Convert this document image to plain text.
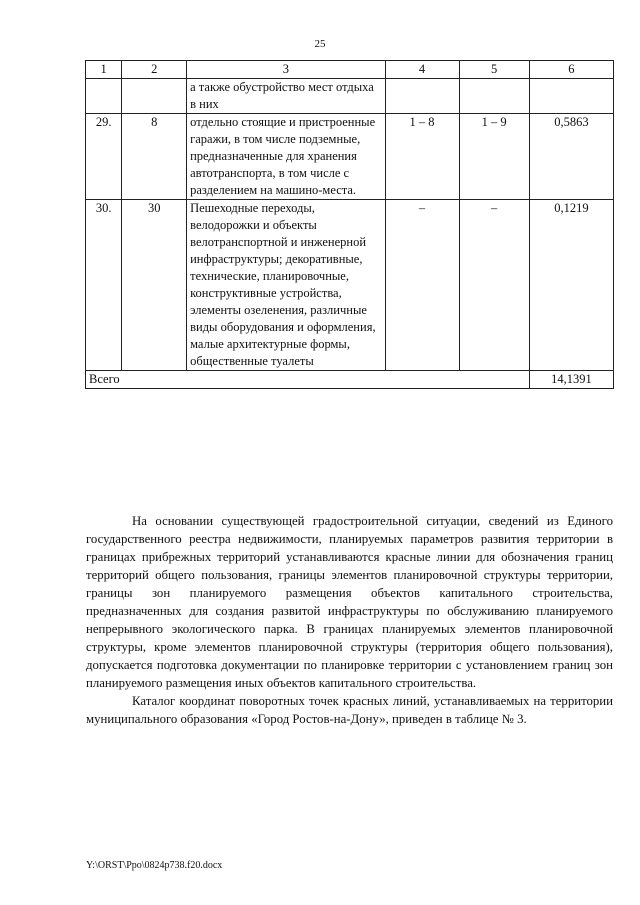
25
1	2	3	4	5	6
		а также обустройство мест отдыха в них			
29.	8	отдельно стоящие и пристроенные гаражи, в том числе подземные, предназначенные для хранения автотранспорта, в том числе с разделением на машино-места.	1 – 8	1 – 9	0,5863
30.	30	Пешеходные переходы, велодорожки и объекты велотранспортной и инженерной инфраструктуры; декоративные, технические, планировочные, конструктивные устройства, элементы озеленения, различные виды оборудования и оформления, малые архитектурные формы, общественные туалеты	–	–	0,1219
Всего					14,1391

На основании существующей градостроительной ситуации, сведений из Единого государственного реестра недвижимости, планируемых параметров развития территории в границах прибрежных территорий устанавливаются красные линии для обозначения границ территорий общего пользования, границы элементов планировочной структуры территории, границы зон планируемого размещения объектов капитального строительства, предназначенных для создания развитой инфраструктуры по обслуживанию планируемого непрерывного экологического парка. В границах планируемых элементов планировочной структуры, кроме элементов планировочной структуры (территория общего пользования), допускается подготовка документации по планировке территории с установлением границ зон планируемого размещения иных объектов капитального строительства.

Каталог координат поворотных точек красных линий, устанавливаемых на территории муниципального образования «Город Ростов-на-Дону», приведен в таблице № 3.

Y:\ORST\Ppo\0824p738.f20.docx
